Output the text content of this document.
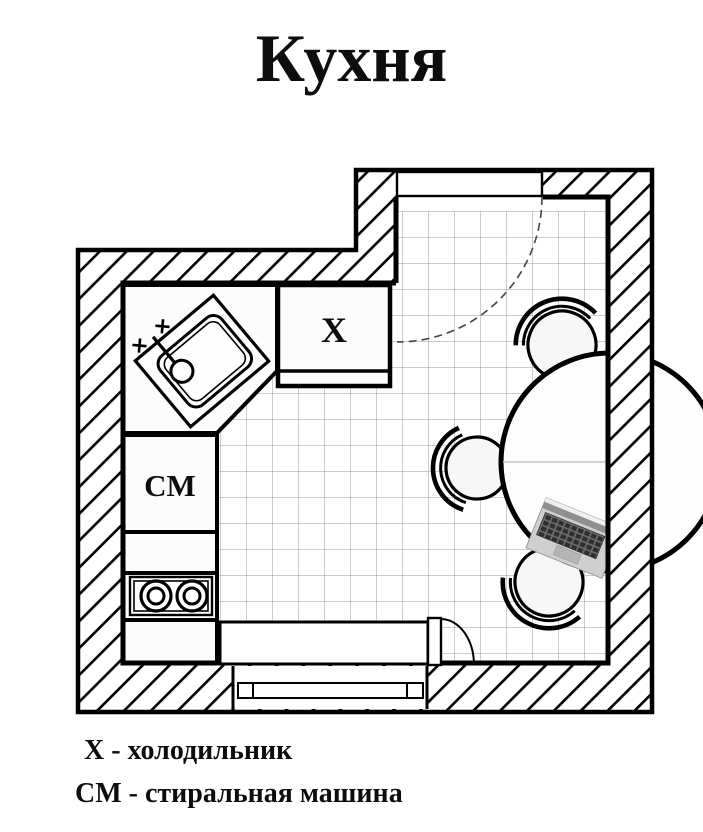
Кухня
Х
СМ
Х - холодильник
СМ - стиральная машина
